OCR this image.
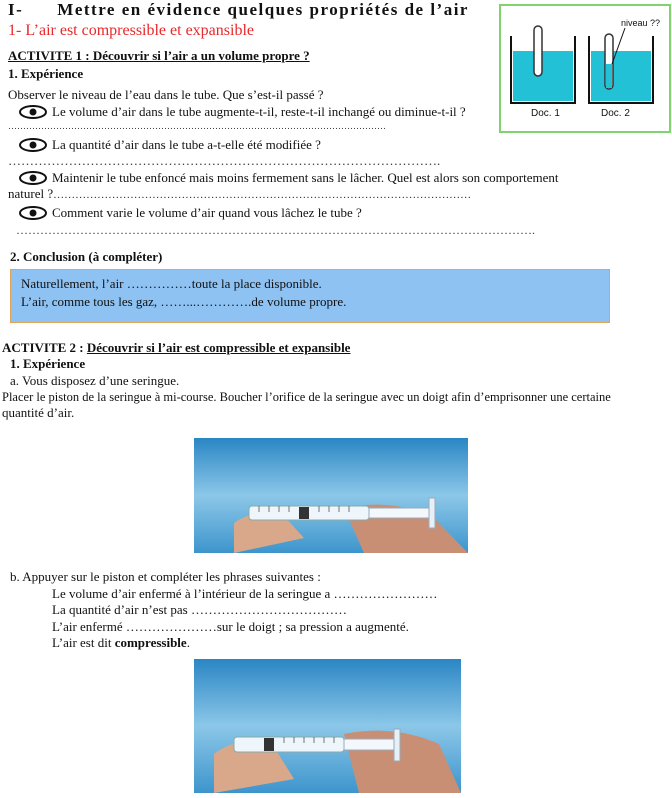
I- Mettre en évidence quelques propriétés de l’air
1- L’air est compressible et expansible	niveau ??
Doc. 1	Doc. 2
ACTIVITE 1 : Découvrir si l’air a un volume propre ?
1. Expérience
Observer le niveau de l’eau dans le tube. Que s’est-il passé ?
Le volume d’air dans le tube augmente-t-il, reste-t-il inchangé ou diminue-t-il ?
………………………………………………………………………………………………………………
La quantité d’air dans le tube a-t-elle été modifiée ?
……………………………………………………………………………………….
Maintenir le tube enfoncé mais moins fermement sans le lâcher. Quel est alors son comportement
naturel ?……………………………………………………………………………………………………
Comment varie le volume d’air quand vous lâchez le tube ?
………………………………………………………………………………………………………………….
2. Conclusion (à compléter)
Naturellement, l’air ……………toute la place disponible.
L’air, comme tous les gaz, ……...………….de volume propre.
ACTIVITE 2 : Découvrir si l’air est compressible et expansible
1. Expérience
a. Vous disposez d’une seringue.
Placer le piston de la seringue à mi-course. Boucher l’orifice de la seringue avec un doigt afin d’emprisonner une certaine
quantité d’air.
b. Appuyer sur le piston et compléter les phrases suivantes :
Le volume d’air enfermé à l’intérieur de la seringue a ……………………
La quantité d’air n’est pas ………………………………
L’air enfermé …………………sur le doigt ; sa pression a augmenté.
L’air est dit compressible.
